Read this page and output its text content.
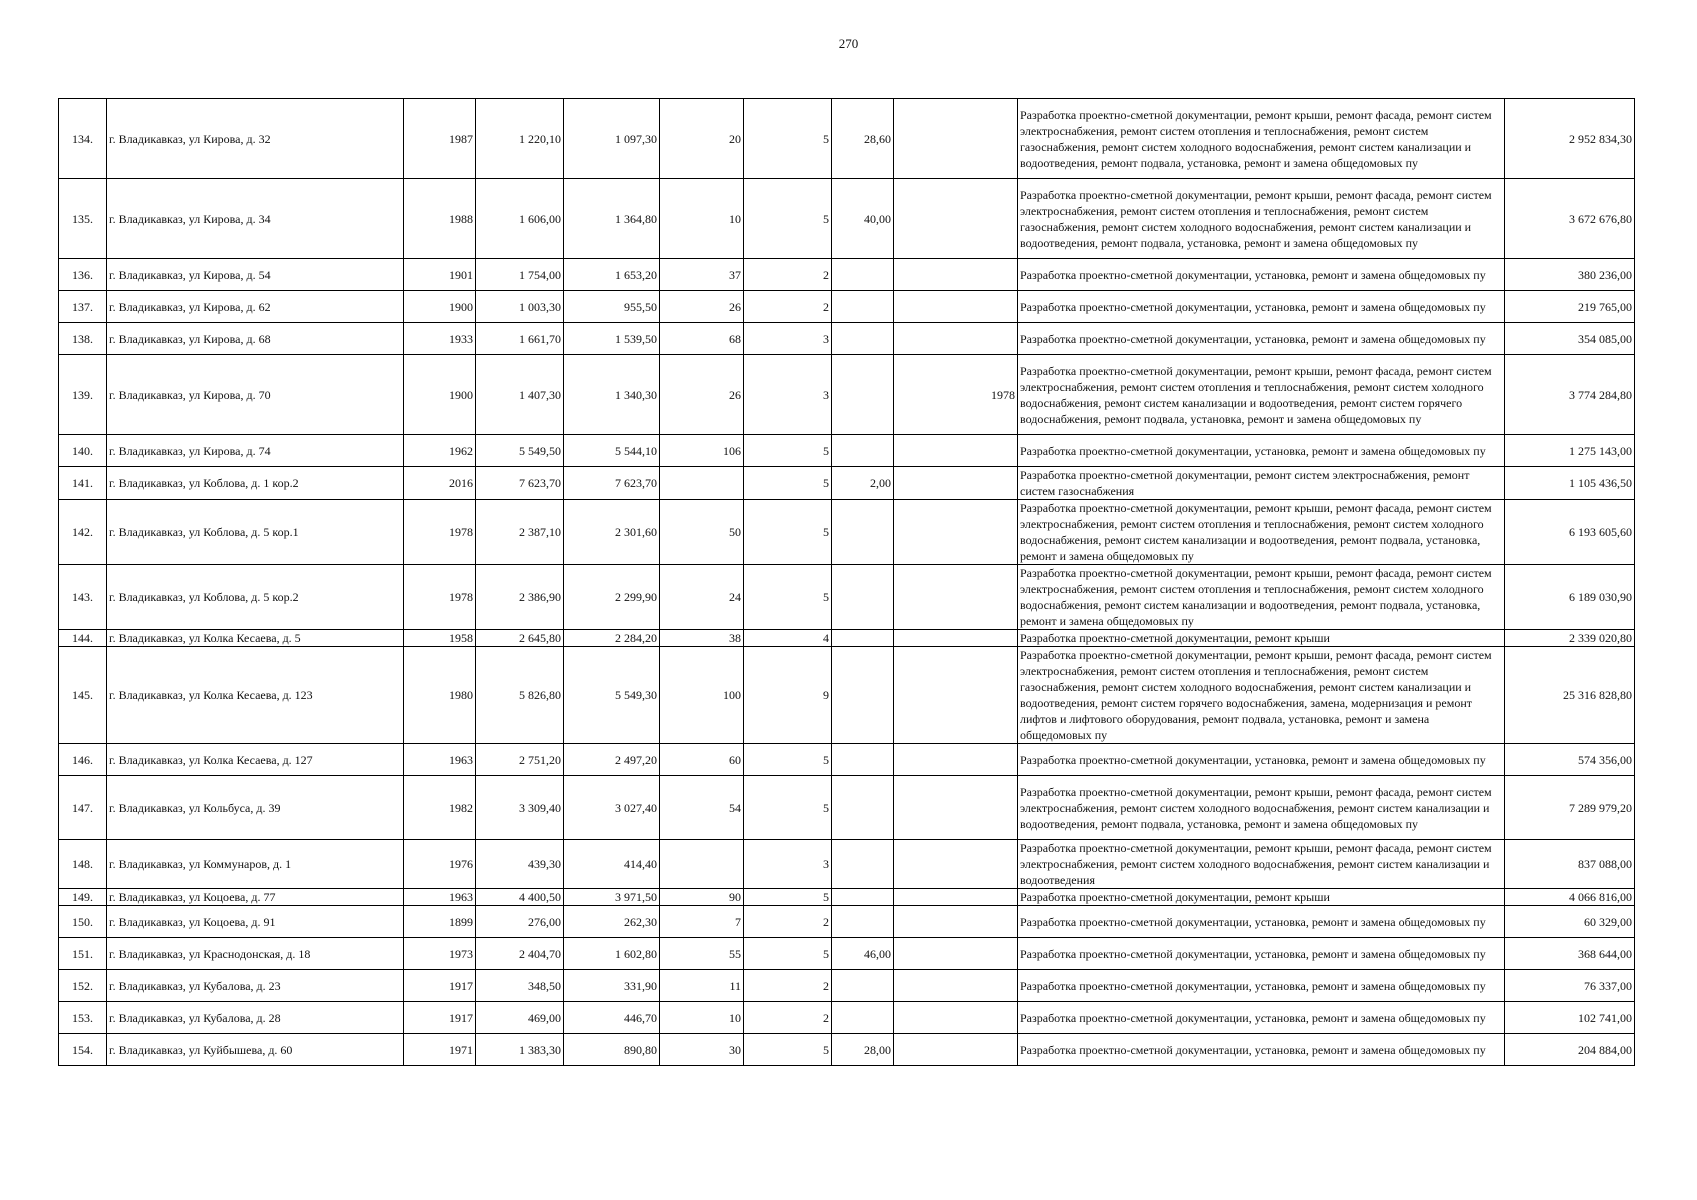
270
134.	г. Владикавказ, ул Кирова, д. 32	1987	1 220,10	1 097,30	20	5	28,60		Разработка проектно-сметной документации, ремонт крыши, ремонт фасада, ремонт систем электроснабжения, ремонт систем отопления и теплоснабжения, ремонт систем газоснабжения, ремонт систем холодного водоснабжения, ремонт систем канализации и водоотведения, ремонт подвала, установка, ремонт и замена общедомовых пу	2 952 834,30
135.	г. Владикавказ, ул Кирова, д. 34	1988	1 606,00	1 364,80	10	5	40,00		Разработка проектно-сметной документации, ремонт крыши, ремонт фасада, ремонт систем электроснабжения, ремонт систем отопления и теплоснабжения, ремонт систем газоснабжения, ремонт систем холодного водоснабжения, ремонт систем канализации и водоотведения, ремонт подвала, установка, ремонт и замена общедомовых пу	3 672 676,80
136.	г. Владикавказ, ул Кирова, д. 54	1901	1 754,00	1 653,20	37	2			Разработка проектно-сметной документации, установка, ремонт и замена общедомовых пу	380 236,00
137.	г. Владикавказ, ул Кирова, д. 62	1900	1 003,30	955,50	26	2			Разработка проектно-сметной документации, установка, ремонт и замена общедомовых пу	219 765,00
138.	г. Владикавказ, ул Кирова, д. 68	1933	1 661,70	1 539,50	68	3			Разработка проектно-сметной документации, установка, ремонт и замена общедомовых пу	354 085,00
139.	г. Владикавказ, ул Кирова, д. 70	1900	1 407,30	1 340,30	26	3		1978	Разработка проектно-сметной документации, ремонт крыши, ремонт фасада, ремонт систем электроснабжения, ремонт систем отопления и теплоснабжения, ремонт систем холодного водоснабжения, ремонт систем канализации и водоотведения, ремонт систем горячего водоснабжения, ремонт подвала, установка, ремонт и замена общедомовых пу	3 774 284,80
140.	г. Владикавказ, ул Кирова, д. 74	1962	5 549,50	5 544,10	106	5			Разработка проектно-сметной документации, установка, ремонт и замена общедомовых пу	1 275 143,00
141.	г. Владикавказ, ул Коблова, д. 1 кор.2	2016	7 623,70	7 623,70		5	2,00		Разработка проектно-сметной документации, ремонт систем электроснабжения, ремонт систем газоснабжения	1 105 436,50
142.	г. Владикавказ, ул Коблова, д. 5 кор.1	1978	2 387,10	2 301,60	50	5			Разработка проектно-сметной документации, ремонт крыши, ремонт фасада, ремонт систем электроснабжения, ремонт систем отопления и теплоснабжения, ремонт систем холодного водоснабжения, ремонт систем канализации и водоотведения, ремонт подвала, установка, ремонт и замена общедомовых пу	6 193 605,60
143.	г. Владикавказ, ул Коблова, д. 5 кор.2	1978	2 386,90	2 299,90	24	5			Разработка проектно-сметной документации, ремонт крыши, ремонт фасада, ремонт систем электроснабжения, ремонт систем отопления и теплоснабжения, ремонт систем холодного водоснабжения, ремонт систем канализации и водоотведения, ремонт подвала, установка, ремонт и замена общедомовых пу	6 189 030,90
144.	г. Владикавказ, ул Колка Кесаева, д. 5	1958	2 645,80	2 284,20	38	4			Разработка проектно-сметной документации, ремонт крыши	2 339 020,80
145.	г. Владикавказ, ул Колка Кесаева, д. 123	1980	5 826,80	5 549,30	100	9			Разработка проектно-сметной документации, ремонт крыши, ремонт фасада, ремонт систем электроснабжения, ремонт систем отопления и теплоснабжения, ремонт систем газоснабжения, ремонт систем холодного водоснабжения, ремонт систем канализации и водоотведения, ремонт систем горячего водоснабжения, замена, модернизация и ремонт лифтов и лифтового оборудования, ремонт подвала, установка, ремонт и замена общедомовых пу	25 316 828,80
146.	г. Владикавказ, ул Колка Кесаева, д. 127	1963	2 751,20	2 497,20	60	5			Разработка проектно-сметной документации, установка, ремонт и замена общедомовых пу	574 356,00
147.	г. Владикавказ, ул Кольбуса, д. 39	1982	3 309,40	3 027,40	54	5			Разработка проектно-сметной документации, ремонт крыши, ремонт фасада, ремонт систем электроснабжения, ремонт систем холодного водоснабжения, ремонт систем канализации и водоотведения, ремонт подвала, установка, ремонт и замена общедомовых пу	7 289 979,20
148.	г. Владикавказ, ул Коммунаров, д. 1	1976	439,30	414,40		3			Разработка проектно-сметной документации, ремонт крыши, ремонт фасада, ремонт систем электроснабжения, ремонт систем холодного водоснабжения, ремонт систем канализации и водоотведения	837 088,00
149.	г. Владикавказ, ул Коцоева, д. 77	1963	4 400,50	3 971,50	90	5			Разработка проектно-сметной документации, ремонт крыши	4 066 816,00
150.	г. Владикавказ, ул Коцоева, д. 91	1899	276,00	262,30	7	2			Разработка проектно-сметной документации, установка, ремонт и замена общедомовых пу	60 329,00
151.	г. Владикавказ, ул Краснодонская, д. 18	1973	2 404,70	1 602,80	55	5	46,00		Разработка проектно-сметной документации, установка, ремонт и замена общедомовых пу	368 644,00
152.	г. Владикавказ, ул Кубалова, д. 23	1917	348,50	331,90	11	2			Разработка проектно-сметной документации, установка, ремонт и замена общедомовых пу	76 337,00
153.	г. Владикавказ, ул Кубалова, д. 28	1917	469,00	446,70	10	2			Разработка проектно-сметной документации, установка, ремонт и замена общедомовых пу	102 741,00
154.	г. Владикавказ, ул Куйбышева, д. 60	1971	1 383,30	890,80	30	5	28,00		Разработка проектно-сметной документации, установка, ремонт и замена общедомовых пу	204 884,00
